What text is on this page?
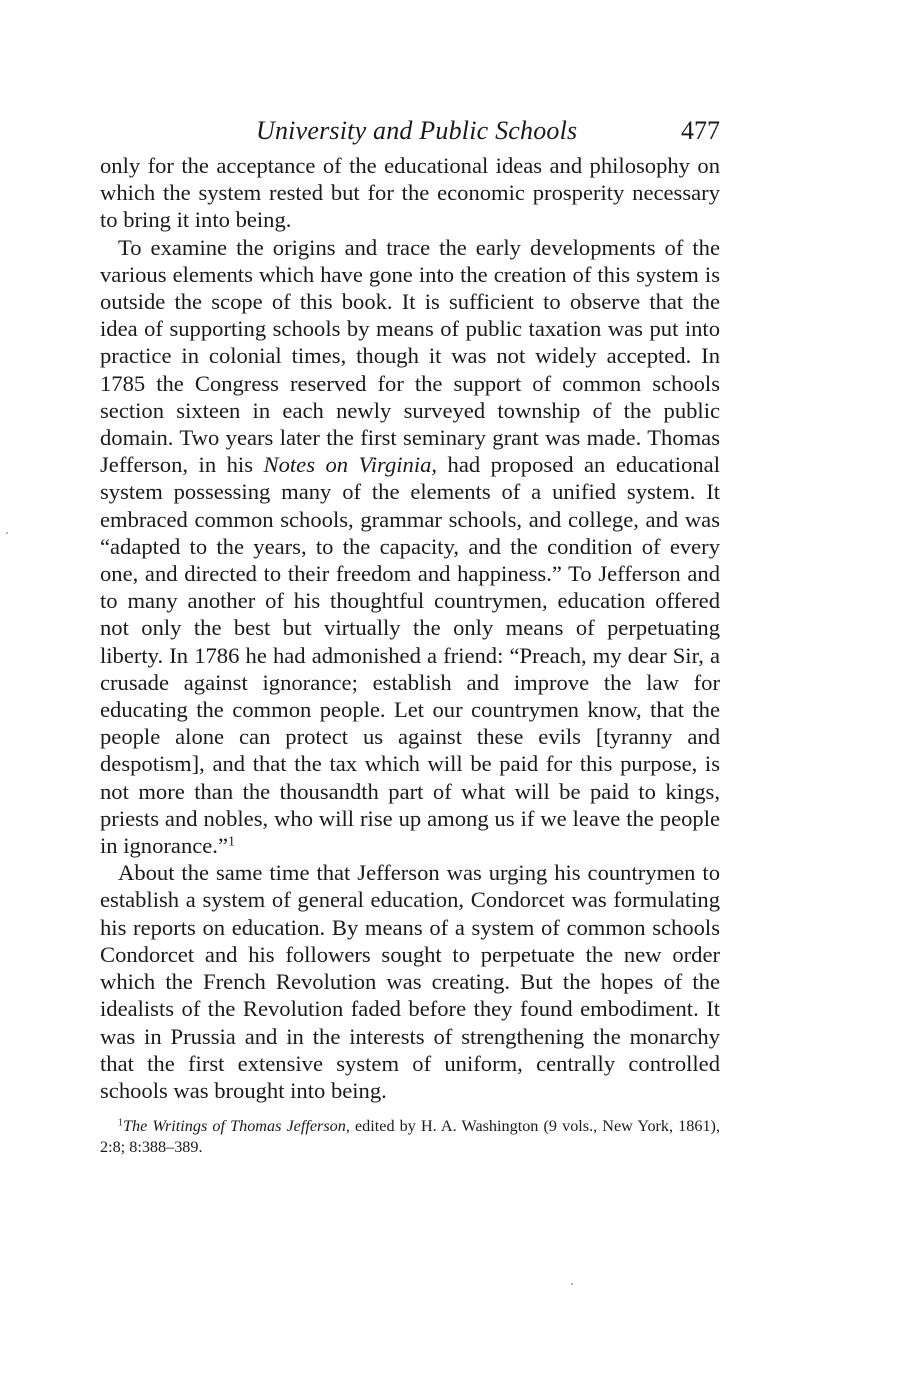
University and Public Schools	477

only for the acceptance of the educational ideas and philosophy on which the system rested but for the economic prosperity necessary to bring it into being.

To examine the origins and trace the early developments of the various elements which have gone into the creation of this system is outside the scope of this book. It is sufficient to observe that the idea of supporting schools by means of public taxation was put into practice in colonial times, though it was not widely accepted. In 1785 the Congress reserved for the support of common schools section sixteen in each newly surveyed township of the public domain. Two years later the first seminary grant was made. Thomas Jefferson, in his Notes on Virginia, had proposed an educational system possessing many of the elements of a unified system. It embraced common schools, grammar schools, and college, and was “adapted to the years, to the capacity, and the condition of every one, and directed to their freedom and happiness.” To Jefferson and to many another of his thoughtful countrymen, education offered not only the best but virtually the only means of perpetuating liberty. In 1786 he had admonished a friend: “Preach, my dear Sir, a crusade against ignorance; establish and improve the law for educating the common people. Let our countrymen know, that the people alone can protect us against these evils [tyranny and despotism], and that the tax which will be paid for this purpose, is not more than the thousandth part of what will be paid to kings, priests and nobles, who will rise up among us if we leave the people in ignorance.”$^1$

About the same time that Jefferson was urging his countrymen to establish a system of general education, Condorcet was formulating his reports on education. By means of a system of common schools Condorcet and his followers sought to perpetuate the new order which the French Revolution was creating. But the hopes of the idealists of the Revolution faded before they found embodiment. It was in Prussia and in the interests of strengthening the monarchy that the first extensive system of uniform, centrally controlled schools was brought into being.

$^1$The Writings of Thomas Jefferson, edited by H. A. Washington (9 vols., New York, 1861), 2:8; 8:388–389.
